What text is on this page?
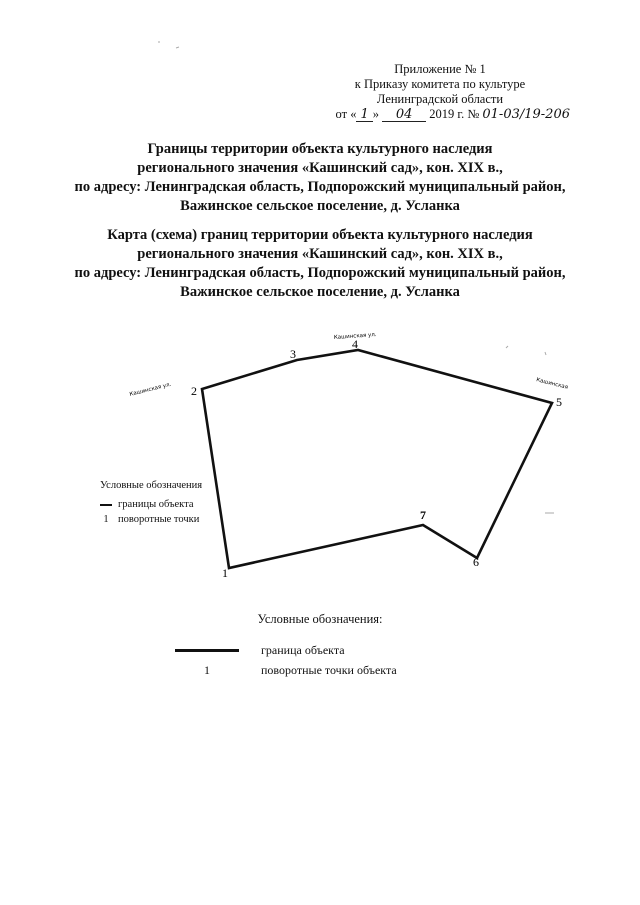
Приложение № 1
к Приказу комитета по культуре
Ленинградской области
от « 1 » 04 2019 г. № 01-03/19-206
Границы территории объекта культурного наследия
регионального значения «Кашинский сад», кон. XIX в.,
по адресу: Ленинградская область, Подпорожский муниципальный район,
Важинское сельское поселение, д. Усланка
Карта (схема) границ территории объекта культурного наследия
регионального значения «Кашинский сад», кон. XIX в.,
по адресу: Ленинградская область, Подпорожский муниципальный район,
Важинское сельское поселение, д. Усланка
1
2
3
4
5
6
7
Кашинская ул.
Кашинская ул.	Кашинская
Условные обозначения
границы объекта
1 поворотные точки
Условные обозначения:
граница объекта
1	поворотные точки объекта
